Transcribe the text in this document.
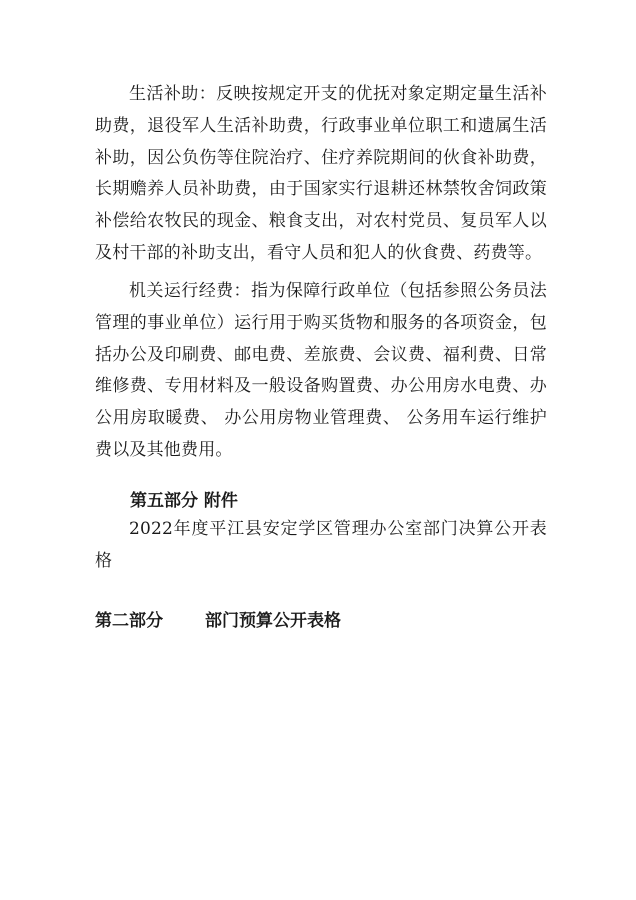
生活补助：反映按规定开支的优抚对象定期定量生活补助费，退役军人生活补助费，行政事业单位职工和遗属生活补助，因公负伤等住院治疗、住疗养院期间的伙食补助费，长期赡养人员补助费，由于国家实行退耕还林禁牧舍饲政策补偿给农牧民的现金、粮食支出，对农村党员、复员军人以及村干部的补助支出，看守人员和犯人的伙食费、药费等。

机关运行经费：指为保障行政单位（包括参照公务员法管理的事业单位）运行用于购买货物和服务的各项资金，包括办公及印刷费、邮电费、差旅费、会议费、福利费、日常维修费、专用材料及一般设备购置费、办公用房水电费、办公用房取暖费、 办公用房物业管理费、 公务用车运行维护费以及其他费用。

第五部分 附件

2022年度平江县安定学区管理办公室部门决算公开表格

第二部分 部门预算公开表格
